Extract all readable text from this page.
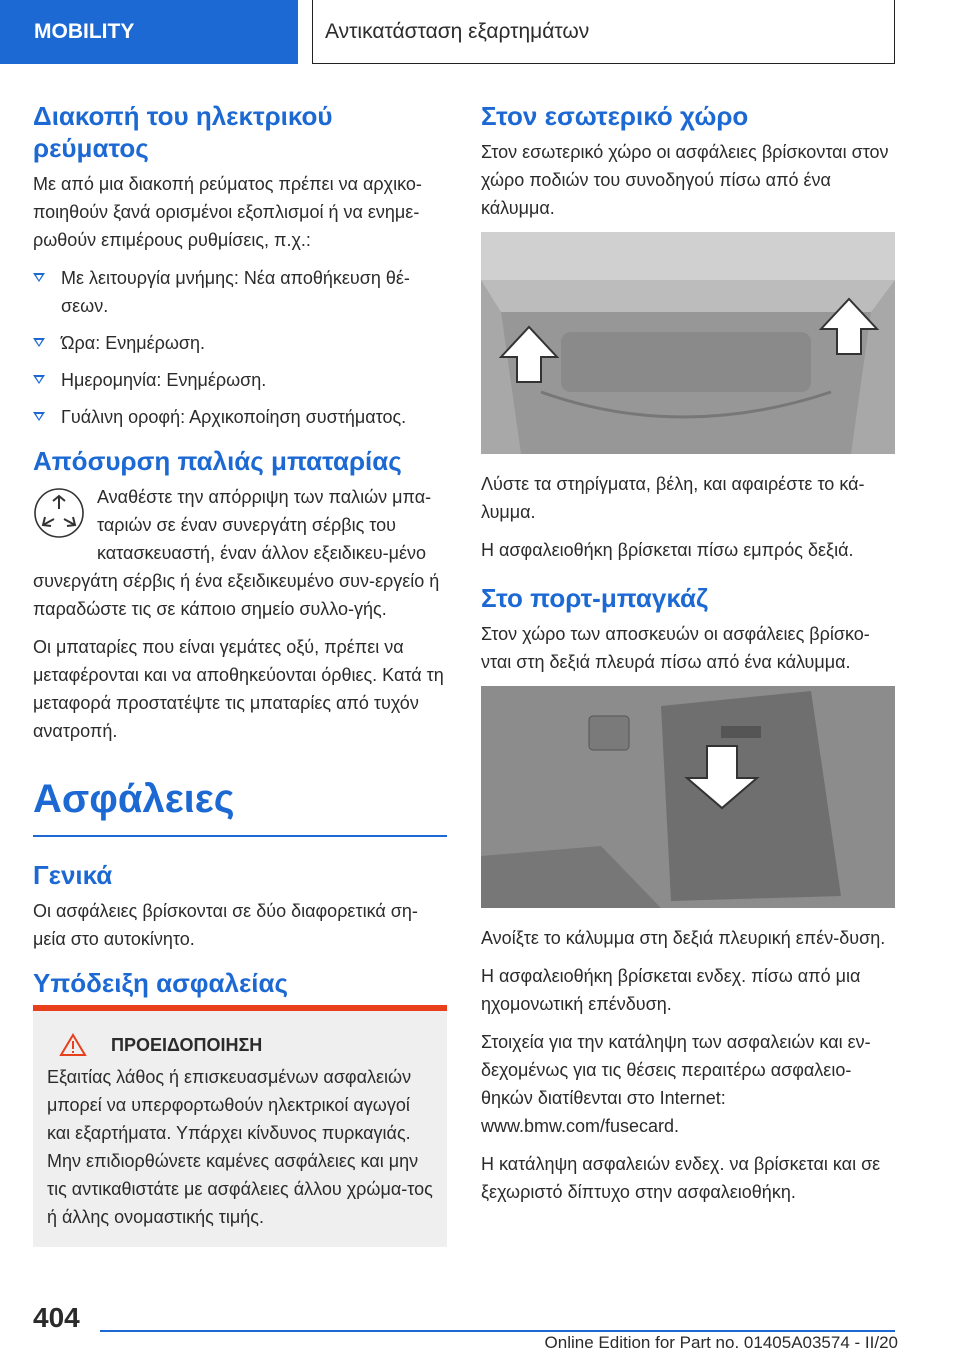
MOBILITY	Αντικατάσταση εξαρτημάτων
Διακοπή του ηλεκτρικού ρεύματος

Με από μια διακοπή ρεύματος πρέπει να αρχικο-ποιηθούν ξανά ορισμένοι εξοπλισμοί ή να ενημε-ρωθούν επιμέρους ρυθμίσεις, π.χ.:

Με λειτουργία μνήμης: Νέα αποθήκευση θέ-σεων.
Ώρα: Ενημέρωση.
Ημερομηνία: Ενημέρωση.
Γυάλινη οροφή: Αρχικοποίηση συστήματος.
Απόσυρση παλιάς μπαταρίας

Αναθέστε την απόρριψη των παλιών μπα-ταριών σε έναν συνεργάτη σέρβις του κατασκευαστή, έναν άλλον εξειδικευ-μένο συνεργάτη σέρβις ή ένα εξειδικευμένο συν-εργείο ή παραδώστε τις σε κάποιο σημείο συλλο-γής.

Οι μπαταρίες που είναι γεμάτες οξύ, πρέπει να μεταφέρονται και να αποθηκεύονται όρθιες. Κατά τη μεταφορά προστατέψτε τις μπαταρίες από τυχόν ανατροπή.

Ασφάλειες
Γενικά

Οι ασφάλειες βρίσκονται σε δύο διαφορετικά ση-μεία στο αυτοκίνητο.

Υπόδειξη ασφαλείας
ΠΡΟΕΙΔΟΠΟΙΗΣΗ

Εξαιτίας λάθος ή επισκευασμένων ασφαλειών μπορεί να υπερφορτωθούν ηλεκτρικοί αγωγοί και εξαρτήματα. Υπάρχει κίνδυνος πυρκαγιάς. Μην επιδιορθώνετε καμένες ασφάλειες και μην τις αντικαθιστάτε με ασφάλειες άλλου χρώμα-τος ή άλλης ονομαστικής τιμής.

Στον εσωτερικό χώρο

Στον εσωτερικό χώρο οι ασφάλειες βρίσκονται στον χώρο ποδιών του συνοδηγού πίσω από ένα κάλυμμα.

Λύστε τα στηρίγματα, βέλη, και αφαιρέστε το κά-λυμμα.

Η ασφαλειοθήκη βρίσκεται πίσω εμπρός δεξιά.

Στο πορτ-μπαγκάζ

Στον χώρο των αποσκευών οι ασφάλειες βρίσκο-νται στη δεξιά πλευρά πίσω από ένα κάλυμμα.

Ανοίξτε το κάλυμμα στη δεξιά πλευρική επέν-δυση.

Η ασφαλειοθήκη βρίσκεται ενδεχ. πίσω από μια ηχομονωτική επένδυση.

Στοιχεία για την κατάληψη των ασφαλειών και εν-δεχομένως για τις θέσεις περαιτέρω ασφαλειο-θηκών διατίθενται στο Internet: www.bmw.com/fusecard.

Η κατάληψη ασφαλειών ενδεχ. να βρίσκεται και σε ξεχωριστό δίπτυχο στην ασφαλειοθήκη.

404
Online Edition for Part no. 01405A03574 - II/20
